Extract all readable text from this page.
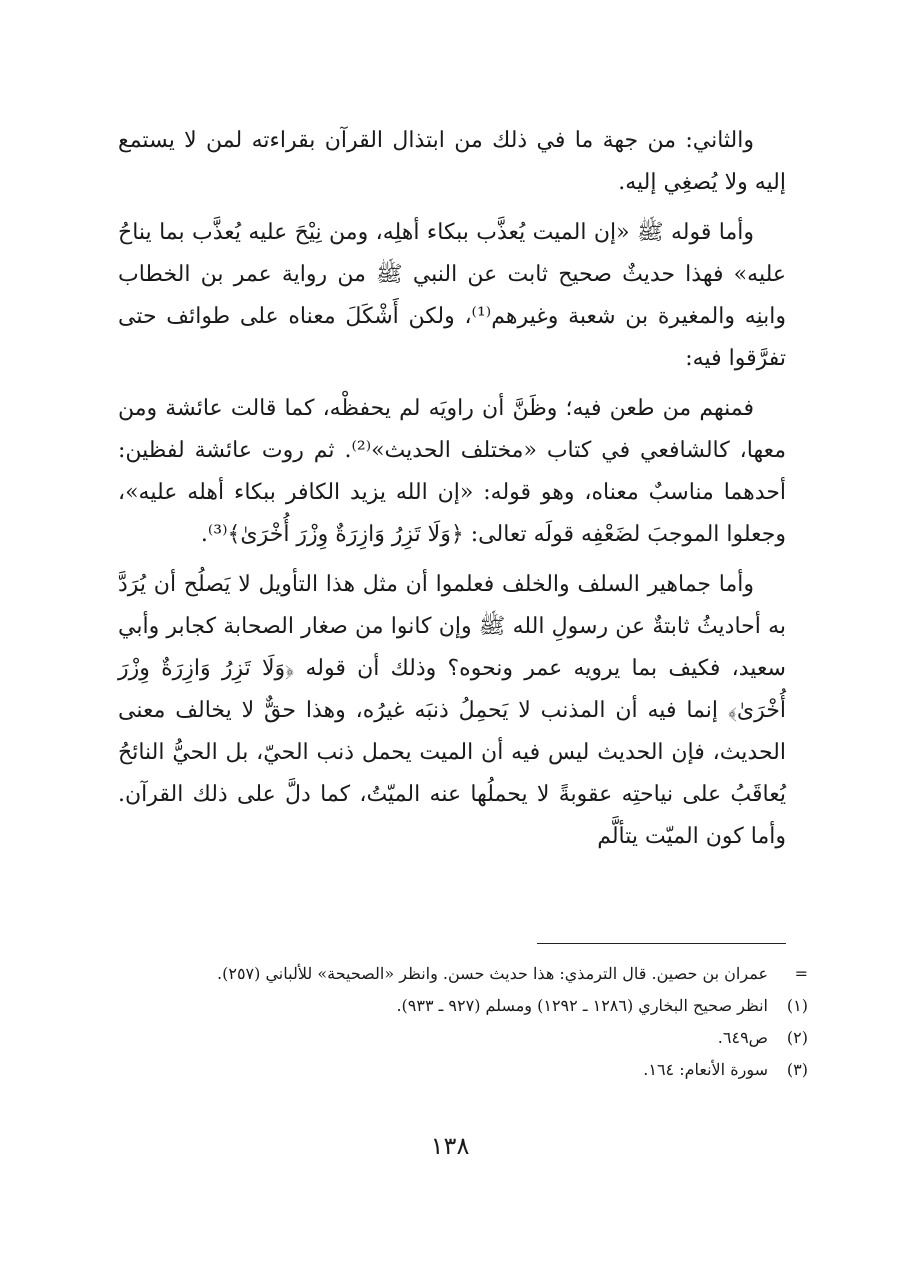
والثاني: من جهة ما في ذلك من ابتذال القرآن بقراءته لمن لا يستمع إليه ولا يُصغِي إليه.

وأما قوله ﷺ «إن الميت يُعذَّب ببكاء أهلِه، ومن نِيْحَ عليه يُعذَّب بما يناحُ عليه» فهذا حديثٌ صحيح ثابت عن النبي ﷺ من رواية عمر بن الخطاب وابنِه والمغيرة بن شعبة وغيرهم⁽¹⁾، ولكن أَشْكَلَ معناه على طوائف حتى تفرَّقوا فيه:

فمنهم من طعن فيه؛ وظَنَّ أن راويَه لم يحفظْه، كما قالت عائشة ومن معها، كالشافعي في كتاب «مختلف الحديث»⁽²⁾. ثم روت عائشة لفظين: أحدهما مناسبٌ معناه، وهو قوله: «إن الله يزيد الكافر ببكاء أهله عليه»، وجعلوا الموجبَ لضَعْفِه قولَه تعالى: ﴿وَلَا تَزِرُ وَازِرَةٌ وِزْرَ أُخْرَىٰ﴾⁽³⁾.

وأما جماهير السلف والخلف فعلموا أن مثل هذا التأويل لا يَصلُح أن يُرَدَّ به أحاديثُ ثابتةٌ عن رسولِ الله ﷺ وإن كانوا من صغار الصحابة كجابر وأبي سعيد، فكيف بما يرويه عمر ونحوه؟ وذلك أن قوله ﴿وَلَا تَزِرُ وَازِرَةٌ وِزْرَ أُخْرَىٰ﴾ إنما فيه أن المذنب لا يَحمِلُ ذنبَه غيرُه، وهذا حقٌّ لا يخالف معنى الحديث، فإن الحديث ليس فيه أن الميت يحمل ذنب الحيّ، بل الحيُّ النائحُ يُعاقَبُ على نياحتِه عقوبةً لا يحملُها عنه الميّتُ، كما دلَّ على ذلك القرآن. وأما كون الميّت يتألَّم

=
عمران بن حصين. قال الترمذي: هذا حديث حسن. وانظر «الصحيحة» للألباني (٢٥٧).
(١)
انظر صحيح البخاري (١٢٨٦ ـ ١٢٩٢) ومسلم (٩٢٧ ـ ٩٣٣).
(٢)
ص٦٤٩.
(٣)
سورة الأنعام: ١٦٤.
١٣٨
